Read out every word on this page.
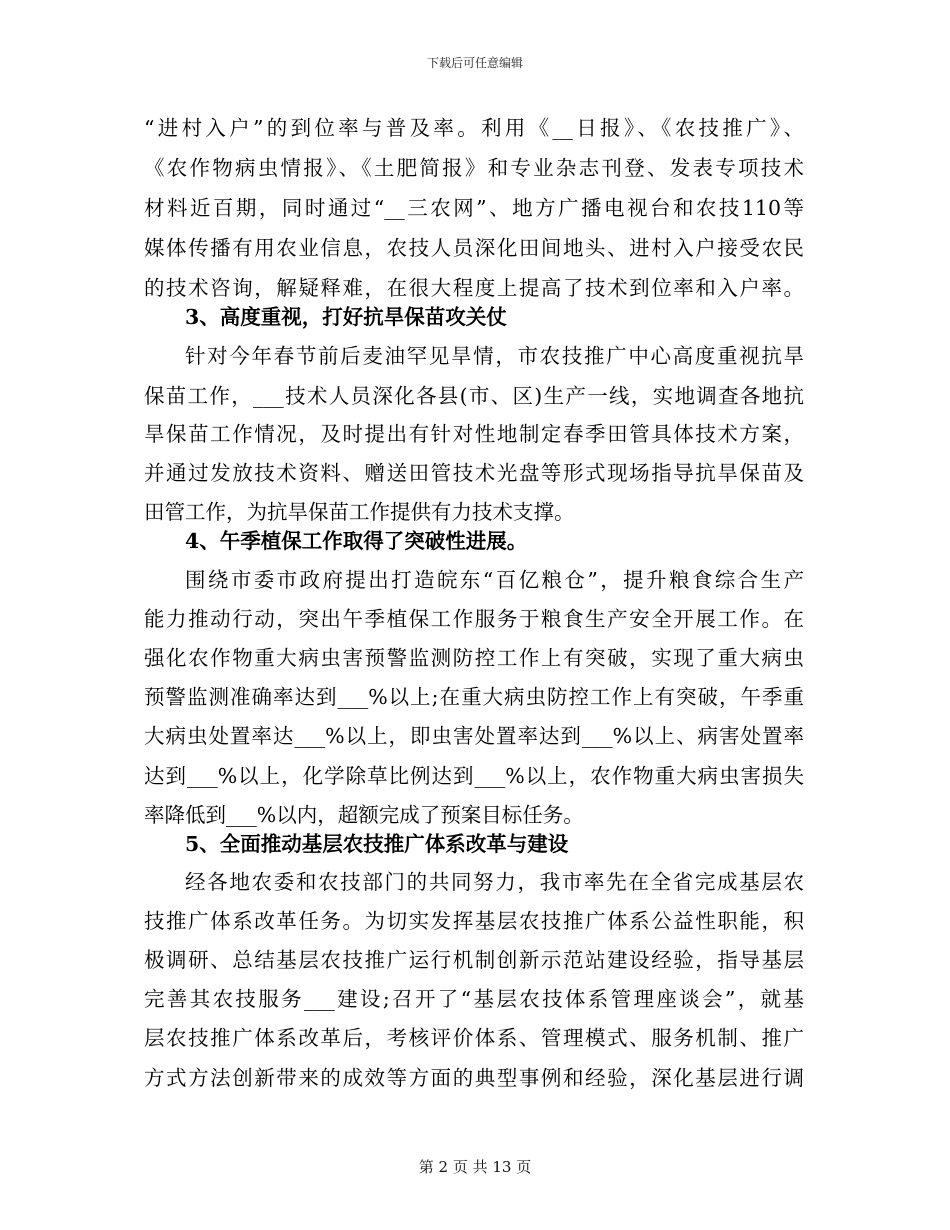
下载后可任意编辑
“进村入户”的到位率与普及率。利用《__日报》、《农技推广》、
《农作物病虫情报》、《土肥简报》和专业杂志刊登、发表专项技术
材料近百期，同时通过“__三农网”、地方广播电视台和农技110等
媒体传播有用农业信息，农技人员深化田间地头、进村入户接受农民
的技术咨询，解疑释难，在很大程度上提高了技术到位率和入户率。
3、高度重视，打好抗旱保苗攻关仗
针对今年春节前后麦油罕见旱情，市农技推广中心高度重视抗旱
保苗工作，___技术人员深化各县(市、区)生产一线，实地调查各地抗
旱保苗工作情况，及时提出有针对性地制定春季田管具体技术方案，
并通过发放技术资料、赠送田管技术光盘等形式现场指导抗旱保苗及
田管工作，为抗旱保苗工作提供有力技术支撑。
4、午季植保工作取得了突破性进展。
围绕市委市政府提出打造皖东“百亿粮仓”，提升粮食综合生产
能力推动行动，突出午季植保工作服务于粮食生产安全开展工作。在
强化农作物重大病虫害预警监测防控工作上有突破，实现了重大病虫
预警监测准确率达到___%以上;在重大病虫防控工作上有突破，午季重
大病虫处置率达___%以上，即虫害处置率达到___%以上、病害处置率
达到___%以上，化学除草比例达到___%以上，农作物重大病虫害损失
率降低到___%以内，超额完成了预案目标任务。
5、全面推动基层农技推广体系改革与建设
经各地农委和农技部门的共同努力，我市率先在全省完成基层农
技推广体系改革任务。为切实发挥基层农技推广体系公益性职能，积
极调研、总结基层农技推广运行机制创新示范站建设经验，指导基层
完善其农技服务___建设;召开了“基层农技体系管理座谈会”，就基
层农技推广体系改革后，考核评价体系、管理模式、服务机制、推广
方式方法创新带来的成效等方面的典型事例和经验，深化基层进行调
第 2 页 共 13 页
